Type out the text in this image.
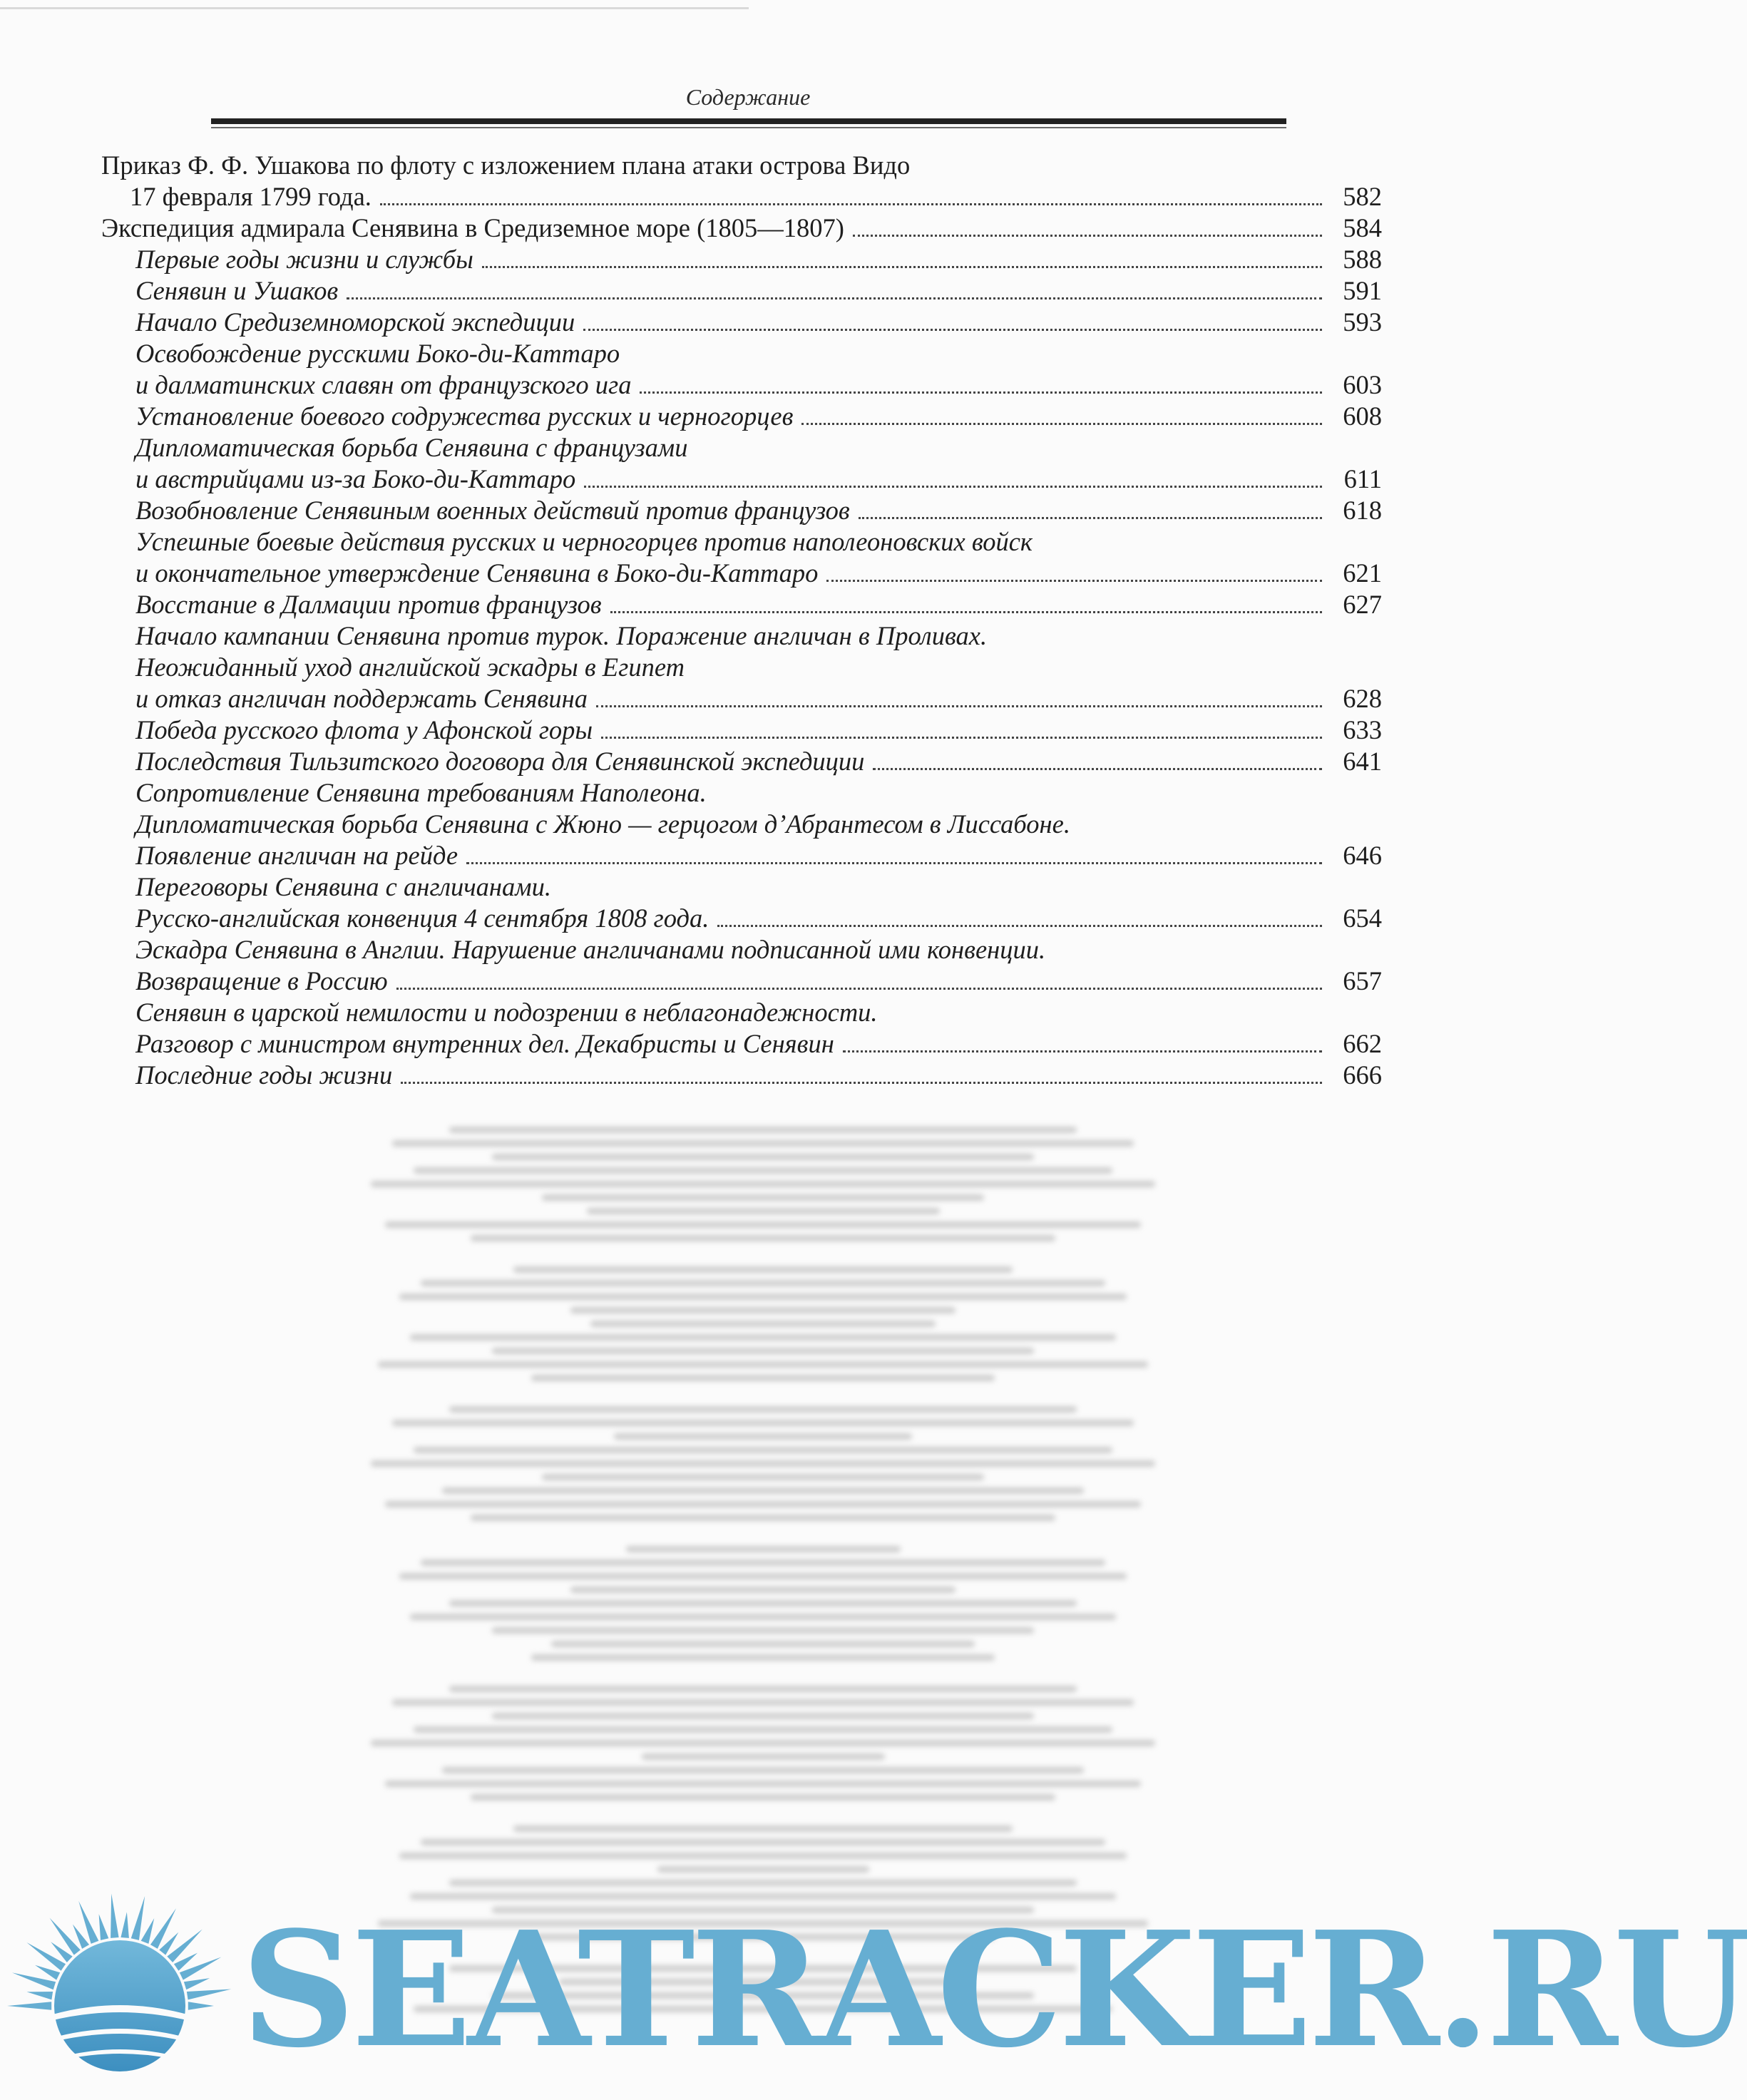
Содержание
Приказ Ф. Ф. Ушакова по флоту с изложением плана атаки острова Видо
17 февраля 1799 года.	582
Экспедиция адмирала Сенявина в Средиземное море (1805—1807)	584
Первые годы жизни и службы	588
Сенявин и Ушаков	591
Начало Средиземноморской экспедиции	593
Освобождение русскими Боко-ди-Каттаро
и далматинских славян от французского ига	603
Установление боевого содружества русских и черногорцев	608
Дипломатическая борьба Сенявина с французами
и австрийцами из-за Боко-ди-Каттаро	611
Возобновление Сенявиным военных действий против французов	618
Успешные боевые действия русских и черногорцев против наполеоновских войск
и окончательное утверждение Сенявина в Боко-ди-Каттаро	621
Восстание в Далмации против французов	627
Начало кампании Сенявина против турок. Поражение англичан в Проливах.
Неожиданный уход английской эскадры в Египет
и отказ англичан поддержать Сенявина	628
Победа русского флота у Афонской горы	633
Последствия Тильзитского договора для Сенявинской экспедиции	641
Сопротивление Сенявина требованиям Наполеона.
Дипломатическая борьба Сенявина с Жюно — герцогом д’Абрантесом в Лиссабоне.
Появление англичан на рейде	646
Переговоры Сенявина с англичанами.
Русско-английская конвенция 4 сентября 1808 года.	654
Эскадра Сенявина в Англии. Нарушение англичанами подписанной ими конвенции.
Возвращение в Россию	657
Сенявин в царской немилости и подозрении в неблагонадежности.
Разговор с министром внутренних дел. Декабристы и Сенявин	662
Последние годы жизни	666
SEATRACKER.RU
